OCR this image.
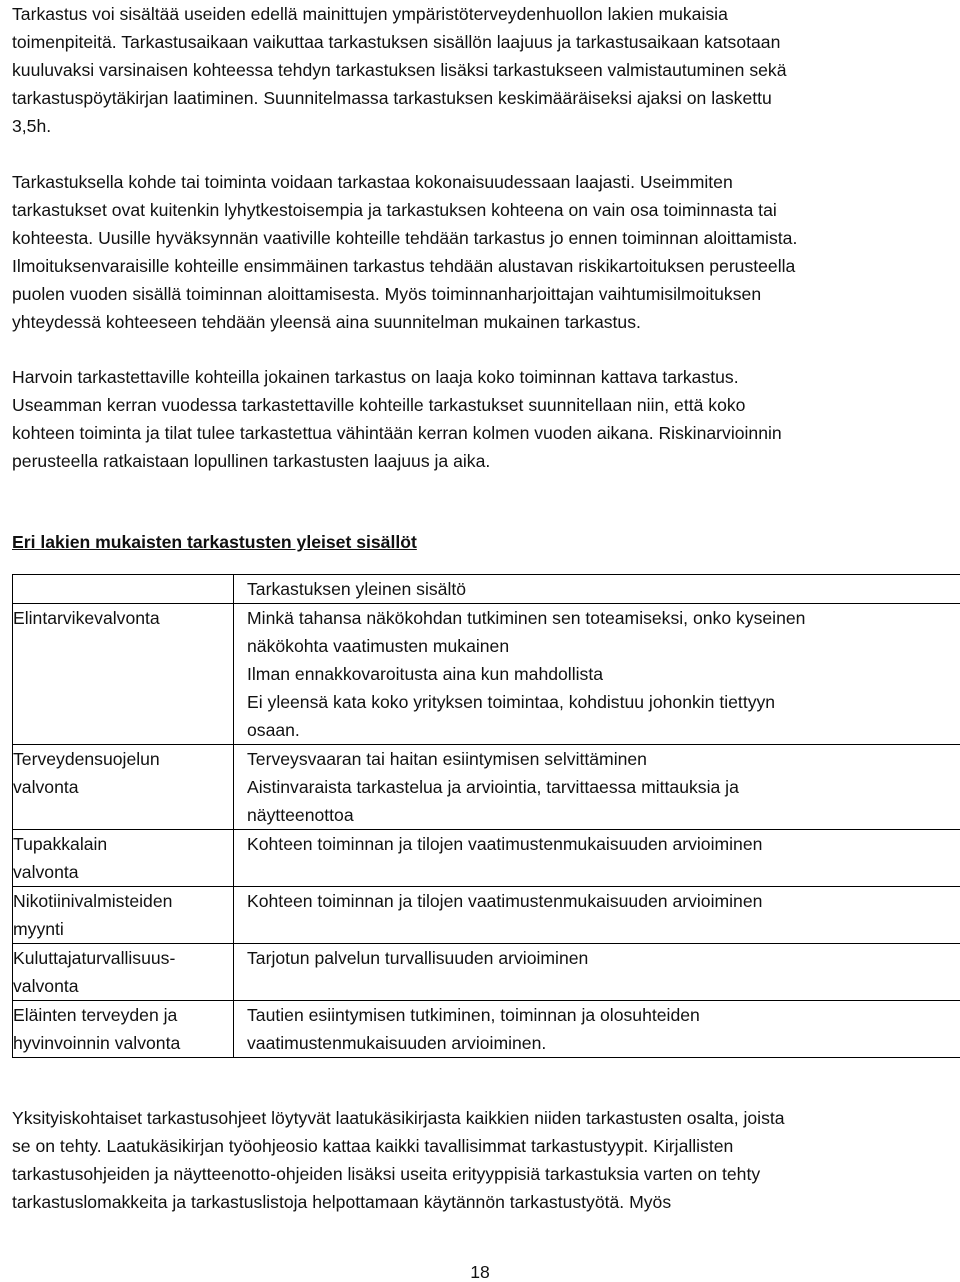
Tarkastus voi sisältää useiden edellä mainittujen ympäristöterveydenhuollon lakien mukaisia
toimenpiteitä. Tarkastusaikaan vaikuttaa tarkastuksen sisällön laajuus ja tarkastusaikaan katsotaan
kuuluvaksi varsinaisen kohteessa tehdyn tarkastuksen lisäksi tarkastukseen valmistautuminen sekä
tarkastuspöytäkirjan laatiminen. Suunnitelmassa tarkastuksen keskimääräiseksi ajaksi on laskettu
3,5h.

Tarkastuksella kohde tai toiminta voidaan tarkastaa kokonaisuudessaan laajasti. Useimmiten
tarkastukset ovat kuitenkin lyhytkestoisempia ja tarkastuksen kohteena on vain osa toiminnasta tai
kohteesta. Uusille hyväksynnän vaativille kohteille tehdään tarkastus jo ennen toiminnan aloittamista.
Ilmoituksenvaraisille kohteille ensimmäinen tarkastus tehdään alustavan riskikartoituksen perusteella
puolen vuoden sisällä toiminnan aloittamisesta. Myös toiminnanharjoittajan vaihtumisilmoituksen
yhteydessä kohteeseen tehdään yleensä aina suunnitelman mukainen tarkastus.

Harvoin tarkastettaville kohteilla jokainen tarkastus on laaja koko toiminnan kattava tarkastus.
Useamman kerran vuodessa tarkastettaville kohteille tarkastukset suunnitellaan niin, että koko
kohteen toiminta ja tilat tulee tarkastettua vähintään kerran kolmen vuoden aikana. Riskinarvioinnin
perusteella ratkaistaan lopullinen tarkastusten laajuus ja aika.

Eri lakien mukaisten tarkastusten yleiset sisällöt

	Tarkastuksen yleinen sisältö

Elintarvikevalvonta	Minkä tahansa näkökohdan tutkiminen sen toteamiseksi, onko kyseinen
näkökohta vaatimusten mukainen
Ilman ennakkovaroitusta aina kun mahdollista
Ei yleensä kata koko yrityksen toimintaa, kohdistuu johonkin tiettyyn
osaan.

Terveydensuojelun
valvonta	Terveysvaaran tai haitan esiintymisen selvittäminen
Aistinvaraista tarkastelua ja arviointia, tarvittaessa mittauksia ja
näytteenottoa

Tupakkalain
valvonta	Kohteen toiminnan ja tilojen vaatimustenmukaisuuden arvioiminen

Nikotiinivalmisteiden
myynti	Kohteen toiminnan ja tilojen vaatimustenmukaisuuden arvioiminen

Kuluttajaturvallisuus-
valvonta	Tarjotun palvelun turvallisuuden arvioiminen

Eläinten terveyden ja
hyvinvoinnin valvonta	Tautien esiintymisen tutkiminen, toiminnan ja olosuhteiden
vaatimustenmukaisuuden arvioiminen.

Yksityiskohtaiset tarkastusohjeet löytyvät laatukäsikirjasta kaikkien niiden tarkastusten osalta, joista
se on tehty. Laatukäsikirjan työohjeosio kattaa kaikki tavallisimmat tarkastustyypit. Kirjallisten
tarkastusohjeiden ja näytteenotto-ohjeiden lisäksi useita erityyppisiä tarkastuksia varten on tehty
tarkastuslomakkeita ja tarkastuslistoja helpottamaan käytännön tarkastustyötä. Myös

18
